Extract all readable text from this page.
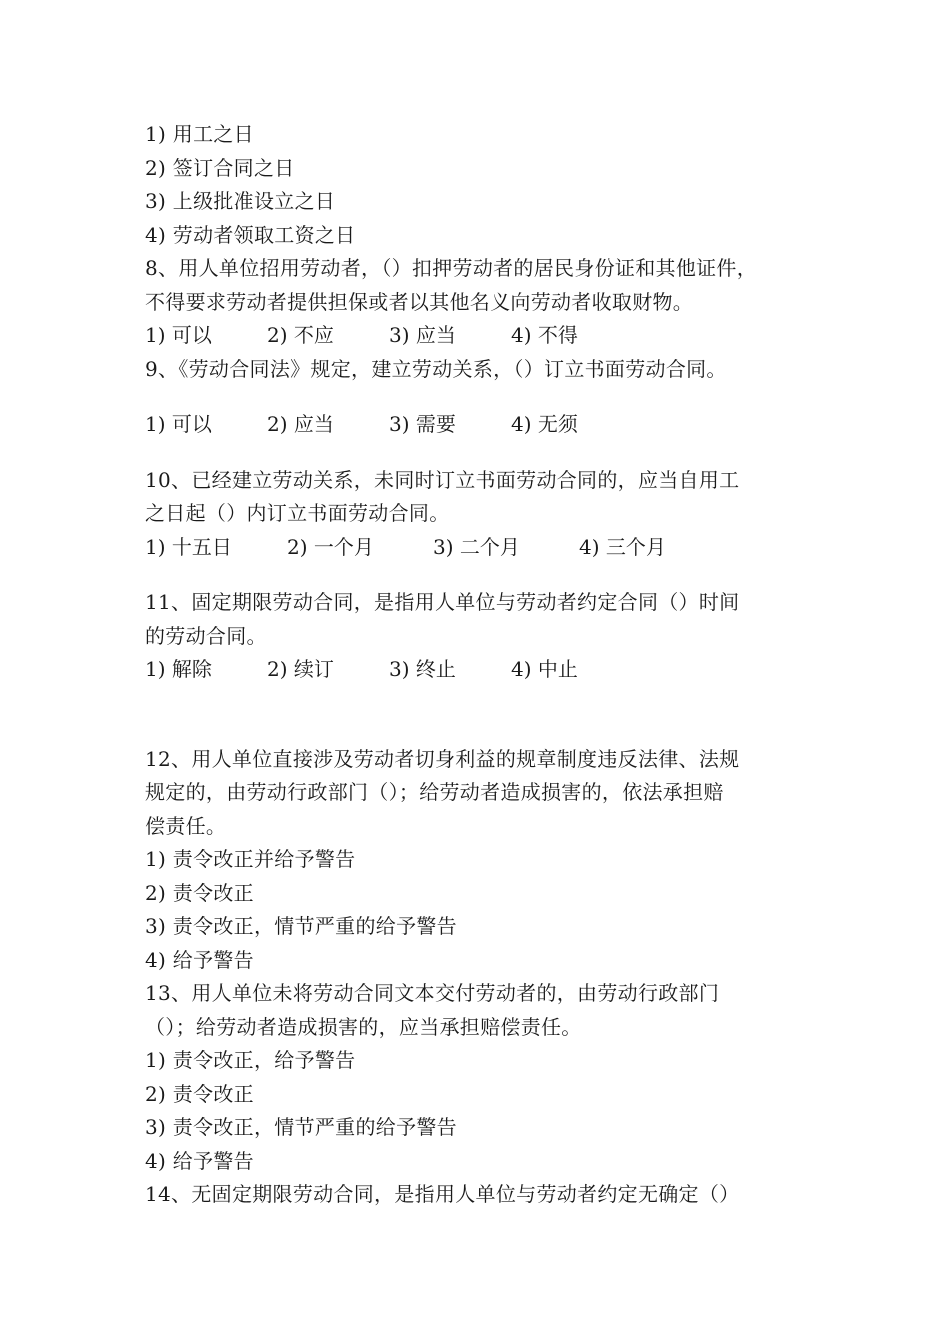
1) 用工之日
2) 签订合同之日
3) 上级批准设立之日
4) 劳动者领取工资之日
8、用人单位招用劳动者，（）扣押劳动者的居民身份证和其他证件，
不得要求劳动者提供担保或者以其他名义向劳动者收取财物。
1) 可以	2) 不应	3) 应当	4) 不得
9、《劳动合同法》规定，建立劳动关系，（）订立书面劳动合同。
1) 可以	2) 应当	3) 需要	4) 无须
10、已经建立劳动关系，未同时订立书面劳动合同的，应当自用工
之日起（）内订立书面劳动合同。
1) 十五日	2) 一个月	3) 二个月	4) 三个月
11、固定期限劳动合同，是指用人单位与劳动者约定合同（）时间
的劳动合同。
1) 解除	2) 续订	3) 终止	4) 中止
12、用人单位直接涉及劳动者切身利益的规章制度违反法律、法规
规定的，由劳动行政部门（）；给劳动者造成损害的，依法承担赔
偿责任。
1) 责令改正并给予警告
2) 责令改正
3) 责令改正，情节严重的给予警告
4) 给予警告
13、用人单位未将劳动合同文本交付劳动者的，由劳动行政部门
（）；给劳动者造成损害的，应当承担赔偿责任。
1) 责令改正，给予警告
2) 责令改正
3) 责令改正，情节严重的给予警告
4) 给予警告
14、无固定期限劳动合同，是指用人单位与劳动者约定无确定（）
